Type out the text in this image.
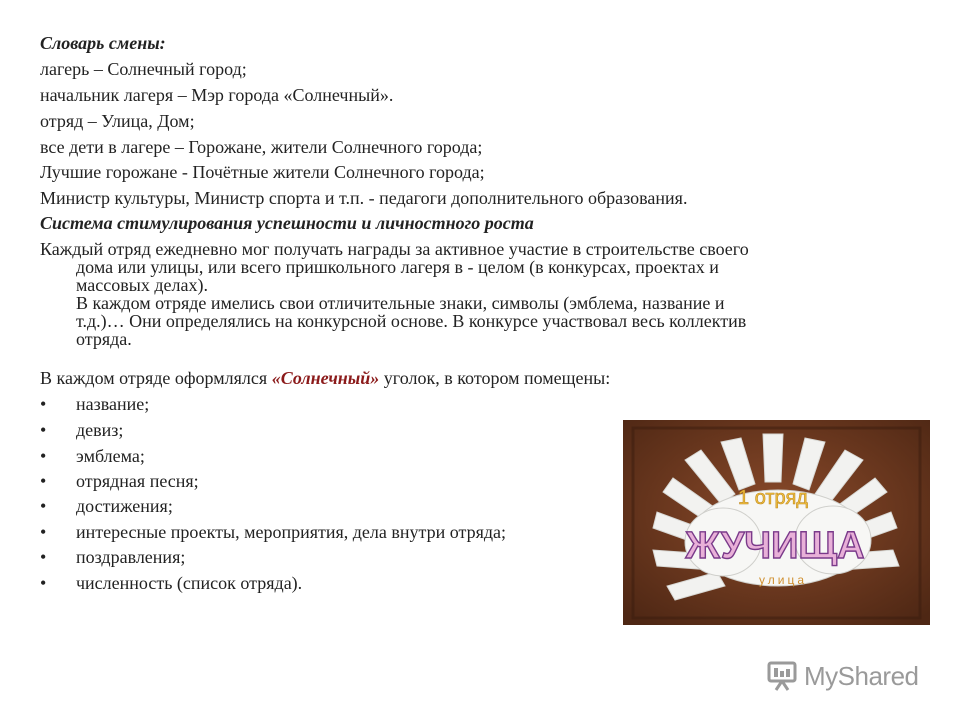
Словарь смены:
лагерь – Солнечный город;
начальник лагеря – Мэр города «Солнечный».
отряд – Улица, Дом;
все дети в лагере – Горожане, жители Солнечного города;
Лучшие горожане - Почётные жители Солнечного города;
Министр культуры, Министр спорта и т.п. - педагоги дополнительного образования.
Система стимулирования успешности и личностного роста
Каждый отряд ежедневно мог получать награды за активное участие в строительстве своего
дома или улицы, или всего пришкольного лагеря в - целом (в конкурсах, проектах и
массовых делах).
В каждом отряде имелись свои отличительные знаки, символы (эмблема, название и
т.д.)… Они определялись на конкурсной основе. В конкурсе участвовал весь коллектив
отряда.
В каждом отряде оформлялся «Солнечный» уголок, в котором помещены:
• название;
• девиз;
• эмблема;
• отрядная песня;
• достижения;
• интересные проекты, мероприятия, дела внутри отряда;
• поздравления;
• численность (список отряда).
1 отряд
ЖУЧИЩА
улица
MyShared
